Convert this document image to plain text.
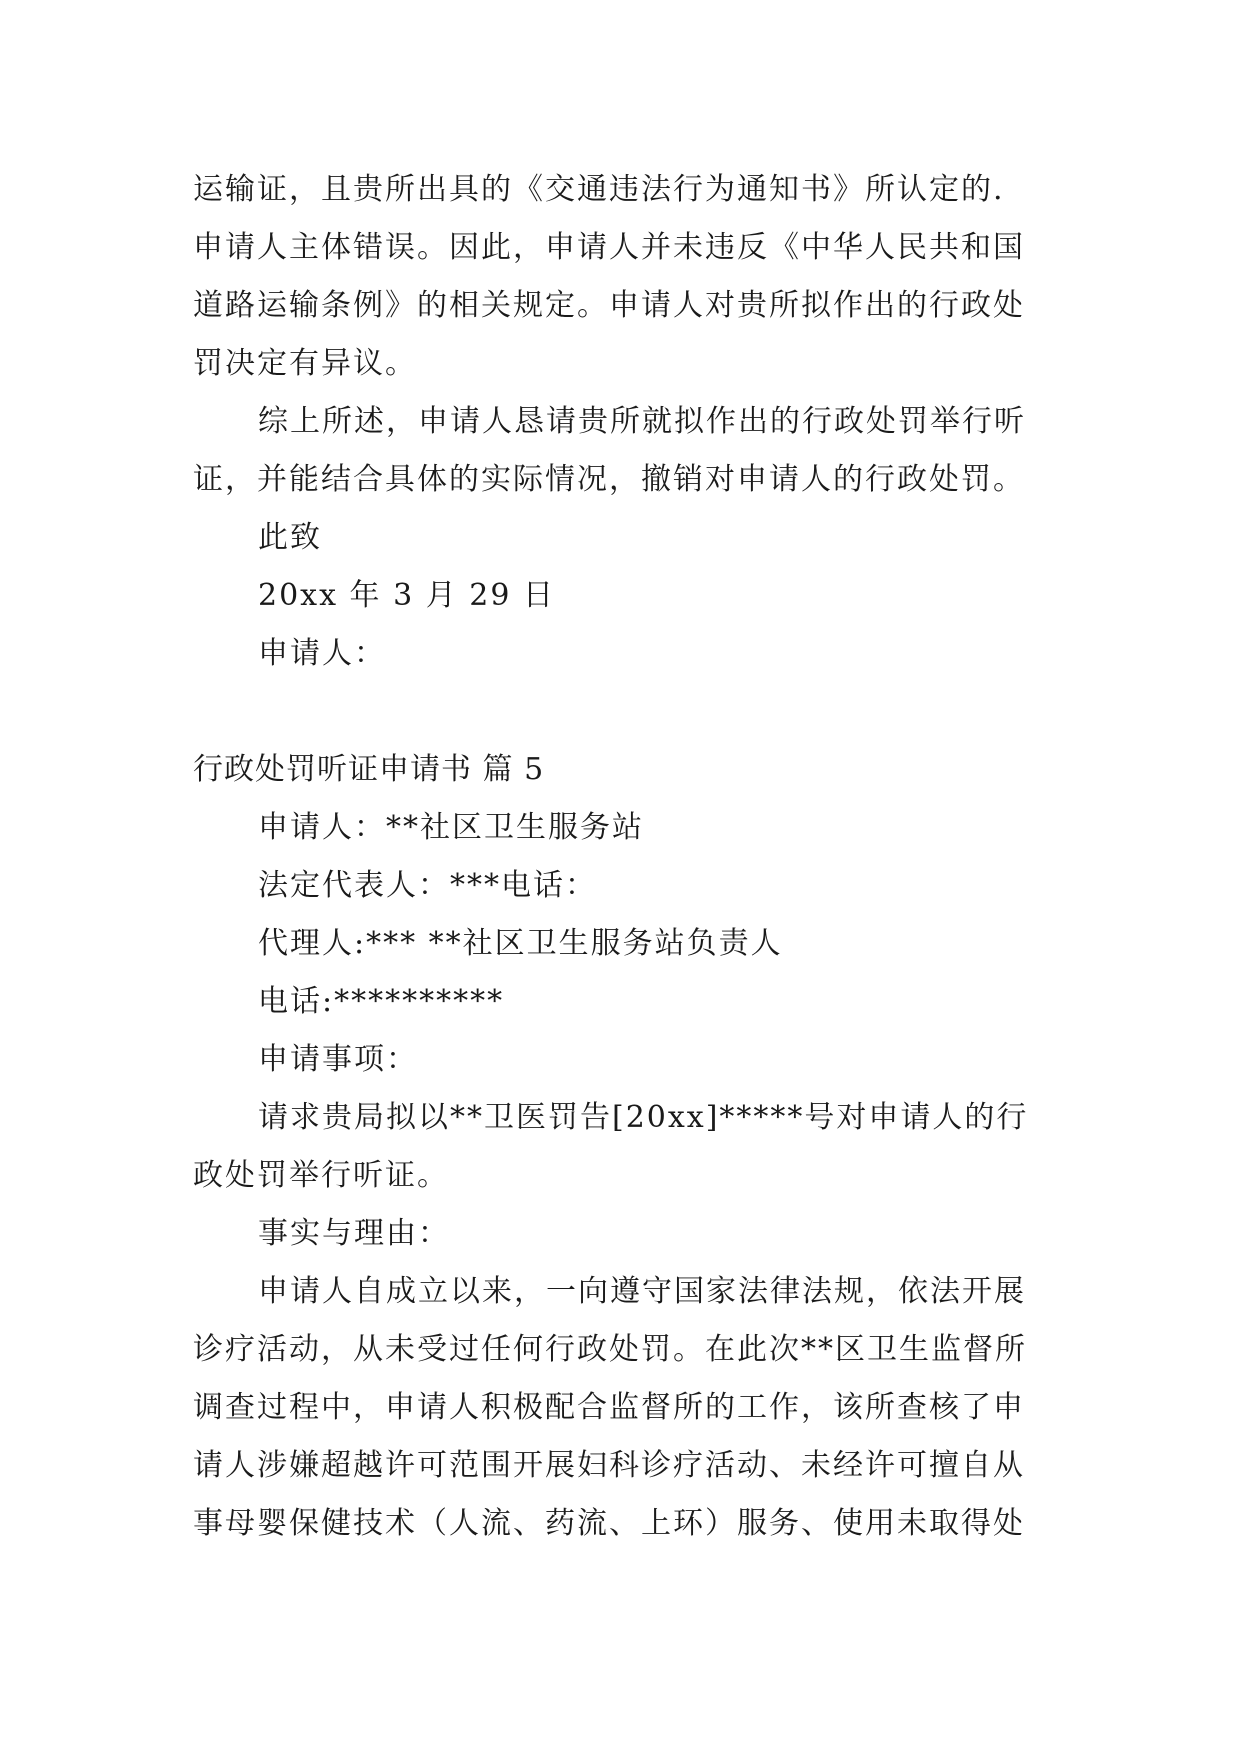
运输证，且贵所出具的《交通违法行为通知书》所认定的.
申请人主体错误。因此，申请人并未违反《中华人民共和国
道路运输条例》的相关规定。申请人对贵所拟作出的行政处
罚决定有异议。
综上所述，申请人恳请贵所就拟作出的行政处罚举行听
证，并能结合具体的实际情况，撤销对申请人的行政处罚。
此致
20xx 年 3 月 29 日
申请人：
行政处罚听证申请书 篇 5
申请人：**社区卫生服务站
法定代表人：***电话：
代理人:*** **社区卫生服务站负责人
电话:**********
申请事项：
请求贵局拟以**卫医罚告[20xx]*****号对申请人的行
政处罚举行听证。
事实与理由：
申请人自成立以来，一向遵守国家法律法规，依法开展
诊疗活动，从未受过任何行政处罚。在此次**区卫生监督所
调查过程中，申请人积极配合监督所的工作，该所查核了申
请人涉嫌超越许可范围开展妇科诊疗活动、未经许可擅自从
事母婴保健技术（人流、药流、上环）服务、使用未取得处
